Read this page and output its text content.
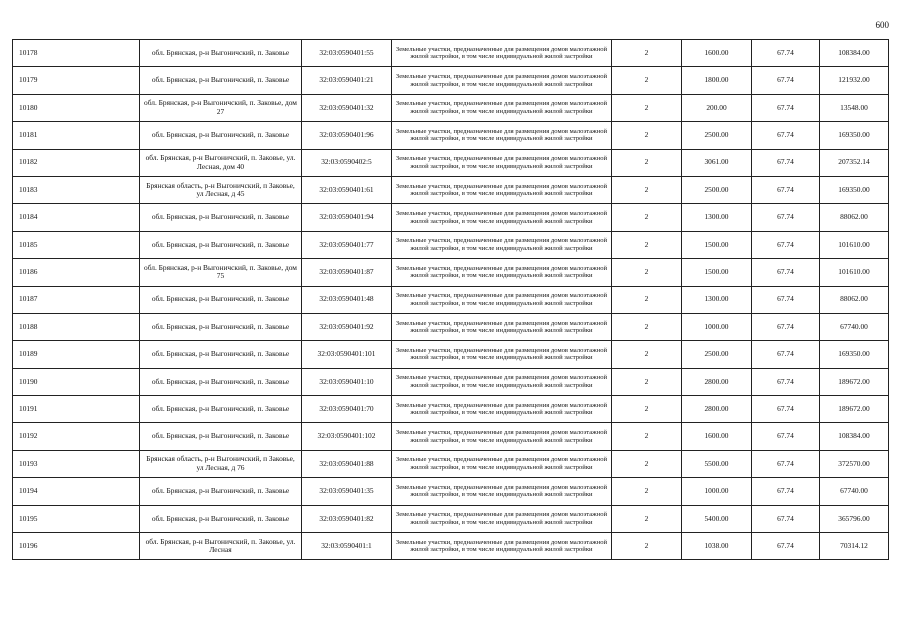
600
10178	обл. Брянская, р-н Выгоничский, п. Заковье	32:03:0590401:55	Земельные участки, предназначенные для размещения домов малоэтажной жилой застройки, в том числе индивидуальной жилой застройки	2	1600.00	67.74	108384.00
10179	обл. Брянская, р-н Выгоничский, п. Заковье	32:03:0590401:21	Земельные участки, предназначенные для размещения домов малоэтажной жилой застройки, в том числе индивидуальной жилой застройки	2	1800.00	67.74	121932.00
10180	обл. Брянская, р-н Выгоничский, п. Заковье, дом 27	32:03:0590401:32	Земельные участки, предназначенные для размещения домов малоэтажной жилой застройки, в том числе индивидуальной жилой застройки	2	200.00	67.74	13548.00
10181	обл. Брянская, р-н Выгоничский, п. Заковье	32:03:0590401:96	Земельные участки, предназначенные для размещения домов малоэтажной жилой застройки, в том числе индивидуальной жилой застройки	2	2500.00	67.74	169350.00
10182	обл. Брянская, р-н Выгоничский, п. Заковье, ул. Лесная, дом 40	32:03:0590402:5	Земельные участки, предназначенные для размещения домов малоэтажной жилой застройки, в том числе индивидуальной жилой застройки	2	3061.00	67.74	207352.14
10183	Брянская область, р-н Выгоничский, п Заковье, ул Лесная, д 45	32:03:0590401:61	Земельные участки, предназначенные для размещения домов малоэтажной жилой застройки, в том числе индивидуальной жилой застройки	2	2500.00	67.74	169350.00
10184	обл. Брянская, р-н Выгоничский, п. Заковье	32:03:0590401:94	Земельные участки, предназначенные для размещения домов малоэтажной жилой застройки, в том числе индивидуальной жилой застройки	2	1300.00	67.74	88062.00
10185	обл. Брянская, р-н Выгоничский, п. Заковье	32:03:0590401:77	Земельные участки, предназначенные для размещения домов малоэтажной жилой застройки, в том числе индивидуальной жилой застройки	2	1500.00	67.74	101610.00
10186	обл. Брянская, р-н Выгоничский, п. Заковье, дом 75	32:03:0590401:87	Земельные участки, предназначенные для размещения домов малоэтажной жилой застройки, в том числе индивидуальной жилой застройки	2	1500.00	67.74	101610.00
10187	обл. Брянская, р-н Выгоничский, п. Заковье	32:03:0590401:48	Земельные участки, предназначенные для размещения домов малоэтажной жилой застройки, в том числе индивидуальной жилой застройки	2	1300.00	67.74	88062.00
10188	обл. Брянская, р-н Выгоничский, п. Заковье	32:03:0590401:92	Земельные участки, предназначенные для размещения домов малоэтажной жилой застройки, в том числе индивидуальной жилой застройки	2	1000.00	67.74	67740.00
10189	обл. Брянская, р-н Выгоничский, п. Заковье	32:03:0590401:101	Земельные участки, предназначенные для размещения домов малоэтажной жилой застройки, в том числе индивидуальной жилой застройки	2	2500.00	67.74	169350.00
10190	обл. Брянская, р-н Выгоничский, п. Заковье	32:03:0590401:10	Земельные участки, предназначенные для размещения домов малоэтажной жилой застройки, в том числе индивидуальной жилой застройки	2	2800.00	67.74	189672.00
10191	обл. Брянская, р-н Выгоничский, п. Заковье	32:03:0590401:70	Земельные участки, предназначенные для размещения домов малоэтажной жилой застройки, в том числе индивидуальной жилой застройки	2	2800.00	67.74	189672.00
10192	обл. Брянская, р-н Выгоничский, п. Заковье	32:03:0590401:102	Земельные участки, предназначенные для размещения домов малоэтажной жилой застройки, в том числе индивидуальной жилой застройки	2	1600.00	67.74	108384.00
10193	Брянская область, р-н Выгоничский, п Заковье, ул Лесная, д 76	32:03:0590401:88	Земельные участки, предназначенные для размещения домов малоэтажной жилой застройки, в том числе индивидуальной жилой застройки	2	5500.00	67.74	372570.00
10194	обл. Брянская, р-н Выгоничский, п. Заковье	32:03:0590401:35	Земельные участки, предназначенные для размещения домов малоэтажной жилой застройки, в том числе индивидуальной жилой застройки	2	1000.00	67.74	67740.00
10195	обл. Брянская, р-н Выгоничский, п. Заковье	32:03:0590401:82	Земельные участки, предназначенные для размещения домов малоэтажной жилой застройки, в том числе индивидуальной жилой застройки	2	5400.00	67.74	365796.00
10196	обл. Брянская, р-н Выгоничский, п. Заковье, ул. Лесная	32:03:0590401:1	Земельные участки, предназначенные для размещения домов малоэтажной жилой застройки, в том числе индивидуальной жилой застройки	2	1038.00	67.74	70314.12
